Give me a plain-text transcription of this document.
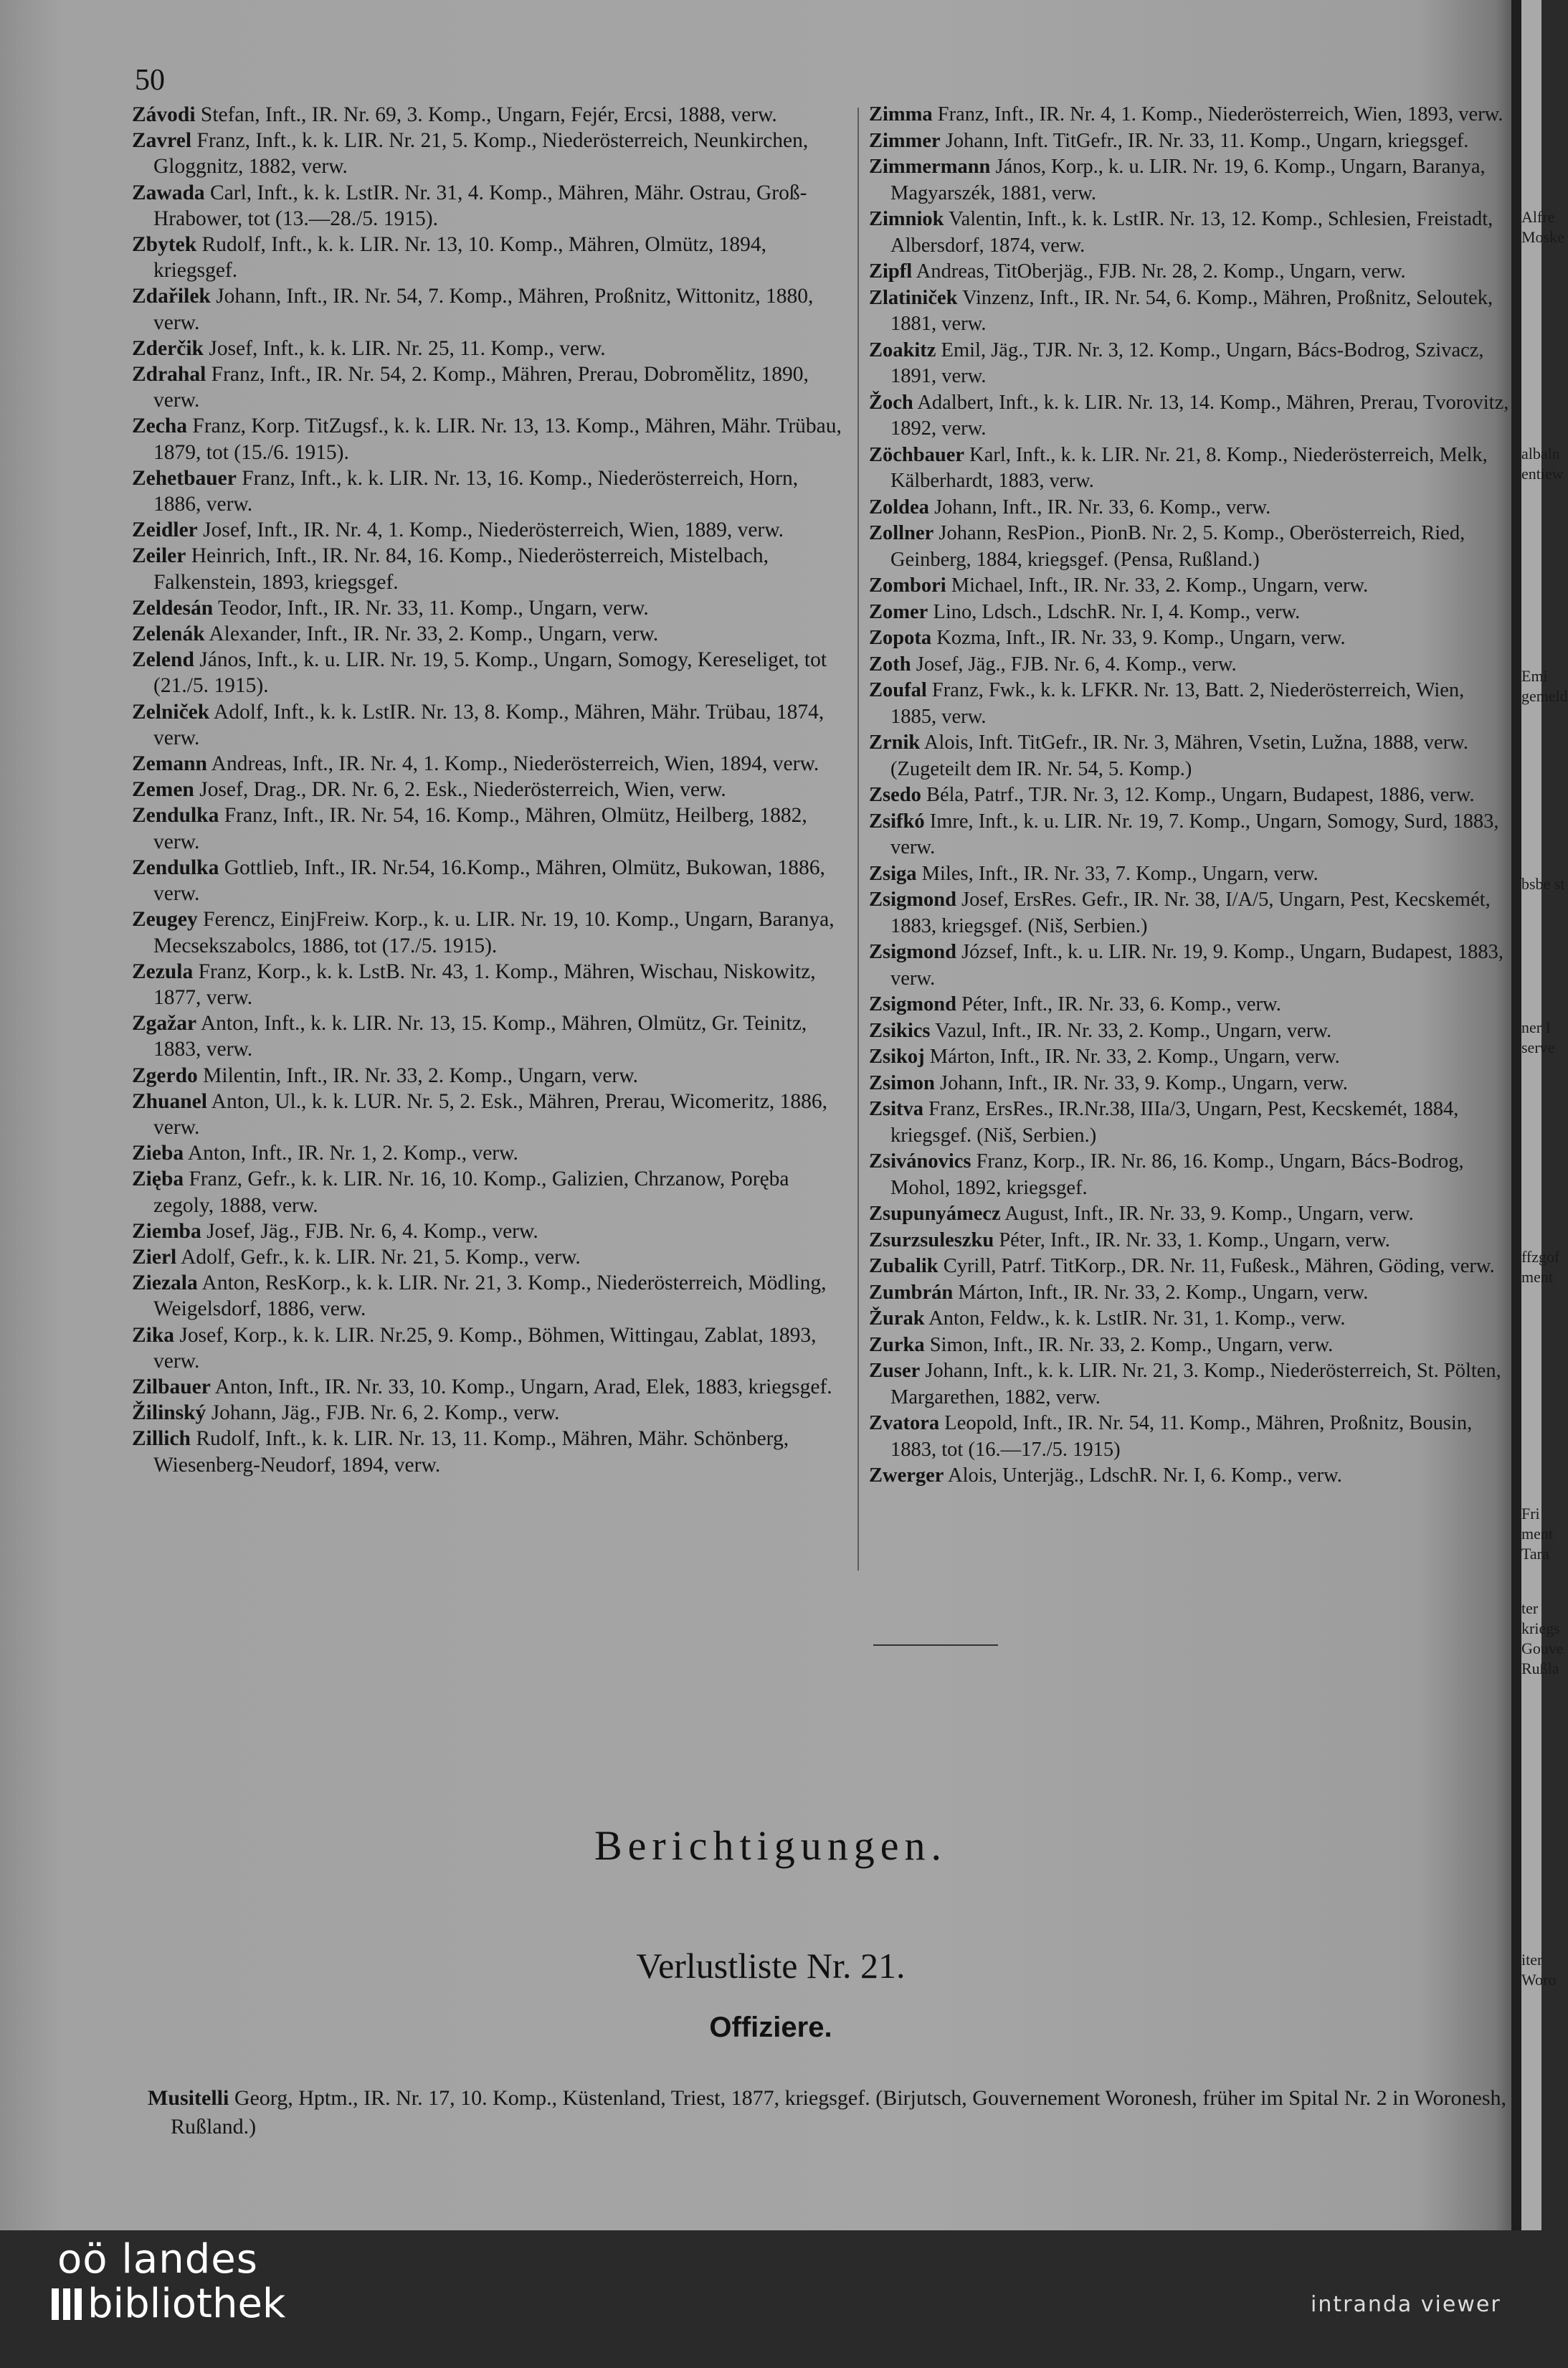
50

Závodi Stefan, Inft., IR. Nr. 69, 3. Komp., Ungarn, Fejér, Ercsi, 1888, verw.

Zavrel Franz, Inft., k. k. LIR. Nr. 21, 5. Komp., Niederösterreich, Neunkirchen, Gloggnitz, 1882, verw.

Zawada Carl, Inft., k. k. LstIR. Nr. 31, 4. Komp., Mähren, Mähr. Ostrau, Groß-Hrabower, tot (13.—28./5. 1915).

Zbytek Rudolf, Inft., k. k. LIR. Nr. 13, 10. Komp., Mähren, Olmütz, 1894, kriegsgef.

Zdařilek Johann, Inft., IR. Nr. 54, 7. Komp., Mähren, Proßnitz, Wittonitz, 1880, verw.

Zderčik Josef, Inft., k. k. LIR. Nr. 25, 11. Komp., verw.

Zdrahal Franz, Inft., IR. Nr. 54, 2. Komp., Mähren, Prerau, Dobromělitz, 1890, verw.

Zecha Franz, Korp. TitZugsf., k. k. LIR. Nr. 13, 13. Komp., Mähren, Mähr. Trübau, 1879, tot (15./6. 1915).

Zehetbauer Franz, Inft., k. k. LIR. Nr. 13, 16. Komp., Niederösterreich, Horn, 1886, verw.

Zeidler Josef, Inft., IR. Nr. 4, 1. Komp., Niederösterreich, Wien, 1889, verw.

Zeiler Heinrich, Inft., IR. Nr. 84, 16. Komp., Niederösterreich, Mistelbach, Falkenstein, 1893, kriegsgef.

Zeldesán Teodor, Inft., IR. Nr. 33, 11. Komp., Ungarn, verw.

Zelenák Alexander, Inft., IR. Nr. 33, 2. Komp., Ungarn, verw.

Zelend János, Inft., k. u. LIR. Nr. 19, 5. Komp., Ungarn, Somogy, Kereseliget, tot (21./5. 1915).

Zelniček Adolf, Inft., k. k. LstIR. Nr. 13, 8. Komp., Mähren, Mähr. Trübau, 1874, verw.

Zemann Andreas, Inft., IR. Nr. 4, 1. Komp., Niederösterreich, Wien, 1894, verw.

Zemen Josef, Drag., DR. Nr. 6, 2. Esk., Niederösterreich, Wien, verw.

Zendulka Franz, Inft., IR. Nr. 54, 16. Komp., Mähren, Olmütz, Heilberg, 1882, verw.

Zendulka Gottlieb, Inft., IR. Nr.54, 16.Komp., Mähren, Olmütz, Bukowan, 1886, verw.

Zeugey Ferencz, EinjFreiw. Korp., k. u. LIR. Nr. 19, 10. Komp., Ungarn, Baranya, Mecsekszabolcs, 1886, tot (17./5. 1915).

Zezula Franz, Korp., k. k. LstB. Nr. 43, 1. Komp., Mähren, Wischau, Niskowitz, 1877, verw.

Zgažar Anton, Inft., k. k. LIR. Nr. 13, 15. Komp., Mähren, Olmütz, Gr. Teinitz, 1883, verw.

Zgerdo Milentin, Inft., IR. Nr. 33, 2. Komp., Ungarn, verw.

Zhuanel Anton, Ul., k. k. LUR. Nr. 5, 2. Esk., Mähren, Prerau, Wicomeritz, 1886, verw.

Zieba Anton, Inft., IR. Nr. 1, 2. Komp., verw.

Zięba Franz, Gefr., k. k. LIR. Nr. 16, 10. Komp., Galizien, Chrzanow, Poręba zegoly, 1888, verw.

Ziemba Josef, Jäg., FJB. Nr. 6, 4. Komp., verw.

Zierl Adolf, Gefr., k. k. LIR. Nr. 21, 5. Komp., verw.

Ziezala Anton, ResKorp., k. k. LIR. Nr. 21, 3. Komp., Niederösterreich, Mödling, Weigelsdorf, 1886, verw.

Zika Josef, Korp., k. k. LIR. Nr.25, 9. Komp., Böhmen, Wittingau, Zablat, 1893, verw.

Zilbauer Anton, Inft., IR. Nr. 33, 10. Komp., Ungarn, Arad, Elek, 1883, kriegsgef.

Žilinský Johann, Jäg., FJB. Nr. 6, 2. Komp., verw.

Zillich Rudolf, Inft., k. k. LIR. Nr. 13, 11. Komp., Mähren, Mähr. Schönberg, Wiesenberg-Neudorf, 1894, verw.

Zimma Franz, Inft., IR. Nr. 4, 1. Komp., Niederösterreich, Wien, 1893, verw.

Zimmer Johann, Inft. TitGefr., IR. Nr. 33, 11. Komp., Ungarn, kriegsgef.

Zimmermann János, Korp., k. u. LIR. Nr. 19, 6. Komp., Ungarn, Baranya, Magyarszék, 1881, verw.

Zimniok Valentin, Inft., k. k. LstIR. Nr. 13, 12. Komp., Schlesien, Freistadt, Albersdorf, 1874, verw.

Zipfl Andreas, TitOberjäg., FJB. Nr. 28, 2. Komp., Ungarn, verw.

Zlatiniček Vinzenz, Inft., IR. Nr. 54, 6. Komp., Mähren, Proßnitz, Seloutek, 1881, verw.

Zoakitz Emil, Jäg., TJR. Nr. 3, 12. Komp., Ungarn, Bács-Bodrog, Szivacz, 1891, verw.

Žoch Adalbert, Inft., k. k. LIR. Nr. 13, 14. Komp., Mähren, Prerau, Tvorovitz, 1892, verw.

Zöchbauer Karl, Inft., k. k. LIR. Nr. 21, 8. Komp., Niederösterreich, Melk, Kälberhardt, 1883, verw.

Zoldea Johann, Inft., IR. Nr. 33, 6. Komp., verw.

Zollner Johann, ResPion., PionB. Nr. 2, 5. Komp., Oberösterreich, Ried, Geinberg, 1884, kriegsgef. (Pensa, Rußland.)

Zombori Michael, Inft., IR. Nr. 33, 2. Komp., Ungarn, verw.

Zomer Lino, Ldsch., LdschR. Nr. I, 4. Komp., verw.

Zopota Kozma, Inft., IR. Nr. 33, 9. Komp., Ungarn, verw.

Zoth Josef, Jäg., FJB. Nr. 6, 4. Komp., verw.

Zoufal Franz, Fwk., k. k. LFKR. Nr. 13, Batt. 2, Niederösterreich, Wien, 1885, verw.

Zrnik Alois, Inft. TitGefr., IR. Nr. 3, Mähren, Vsetin, Lužna, 1888, verw. (Zugeteilt dem IR. Nr. 54, 5. Komp.)

Zsedo Béla, Patrf., TJR. Nr. 3, 12. Komp., Ungarn, Budapest, 1886, verw.

Zsifkó Imre, Inft., k. u. LIR. Nr. 19, 7. Komp., Ungarn, Somogy, Surd, 1883, verw.

Zsiga Miles, Inft., IR. Nr. 33, 7. Komp., Ungarn, verw.

Zsigmond Josef, ErsRes. Gefr., IR. Nr. 38, I/A/5, Ungarn, Pest, Kecskemét, 1883, kriegsgef. (Niš, Serbien.)

Zsigmond József, Inft., k. u. LIR. Nr. 19, 9. Komp., Ungarn, Budapest, 1883, verw.

Zsigmond Péter, Inft., IR. Nr. 33, 6. Komp., verw.

Zsikics Vazul, Inft., IR. Nr. 33, 2. Komp., Ungarn, verw.

Zsikoj Márton, Inft., IR. Nr. 33, 2. Komp., Ungarn, verw.

Zsimon Johann, Inft., IR. Nr. 33, 9. Komp., Ungarn, verw.

Zsitva Franz, ErsRes., IR.Nr.38, IIIa/3, Ungarn, Pest, Kecskemét, 1884, kriegsgef. (Niš, Serbien.)

Zsivánovics Franz, Korp., IR. Nr. 86, 16. Komp., Ungarn, Bács-Bodrog, Mohol, 1892, kriegsgef.

Zsupunyámecz August, Inft., IR. Nr. 33, 9. Komp., Ungarn, verw.

Zsurzsuleszku Péter, Inft., IR. Nr. 33, 1. Komp., Ungarn, verw.

Zubalik Cyrill, Patrf. TitKorp., DR. Nr. 11, Fußesk., Mähren, Göding, verw.

Zumbrán Márton, Inft., IR. Nr. 33, 2. Komp., Ungarn, verw.

Žurak Anton, Feldw., k. k. LstIR. Nr. 31, 1. Komp., verw.

Zurka Simon, Inft., IR. Nr. 33, 2. Komp., Ungarn, verw.

Zuser Johann, Inft., k. k. LIR. Nr. 21, 3. Komp., Niederösterreich, St. Pölten, Margarethen, 1882, verw.

Zvatora Leopold, Inft., IR. Nr. 54, 11. Komp., Mähren, Proßnitz, Bousin, 1883, tot (16.—17./5. 1915)

Zwerger Alois, Unterjäg., LdschR. Nr. I, 6. Komp., verw.

Berichtigungen.
Verlustliste Nr. 21.
Offiziere.

Musitelli Georg, Hptm., IR. Nr. 17, 10. Komp., Küstenland, Triest, 1877, kriegsgef. (Birjutsch, Gouvernement Woronesh, früher im Spital Nr. 2 in Woronesh, Rußland.)

Alfre
Moske
albaln
entiew
Emi
gemeld
bsbe st
ner I
serve
ffzgof
ment
Fri
ment
Tara
ter
kriegs
Gouve
Rußla
iter
Woro
oö landes
bibliothek	intranda viewer
